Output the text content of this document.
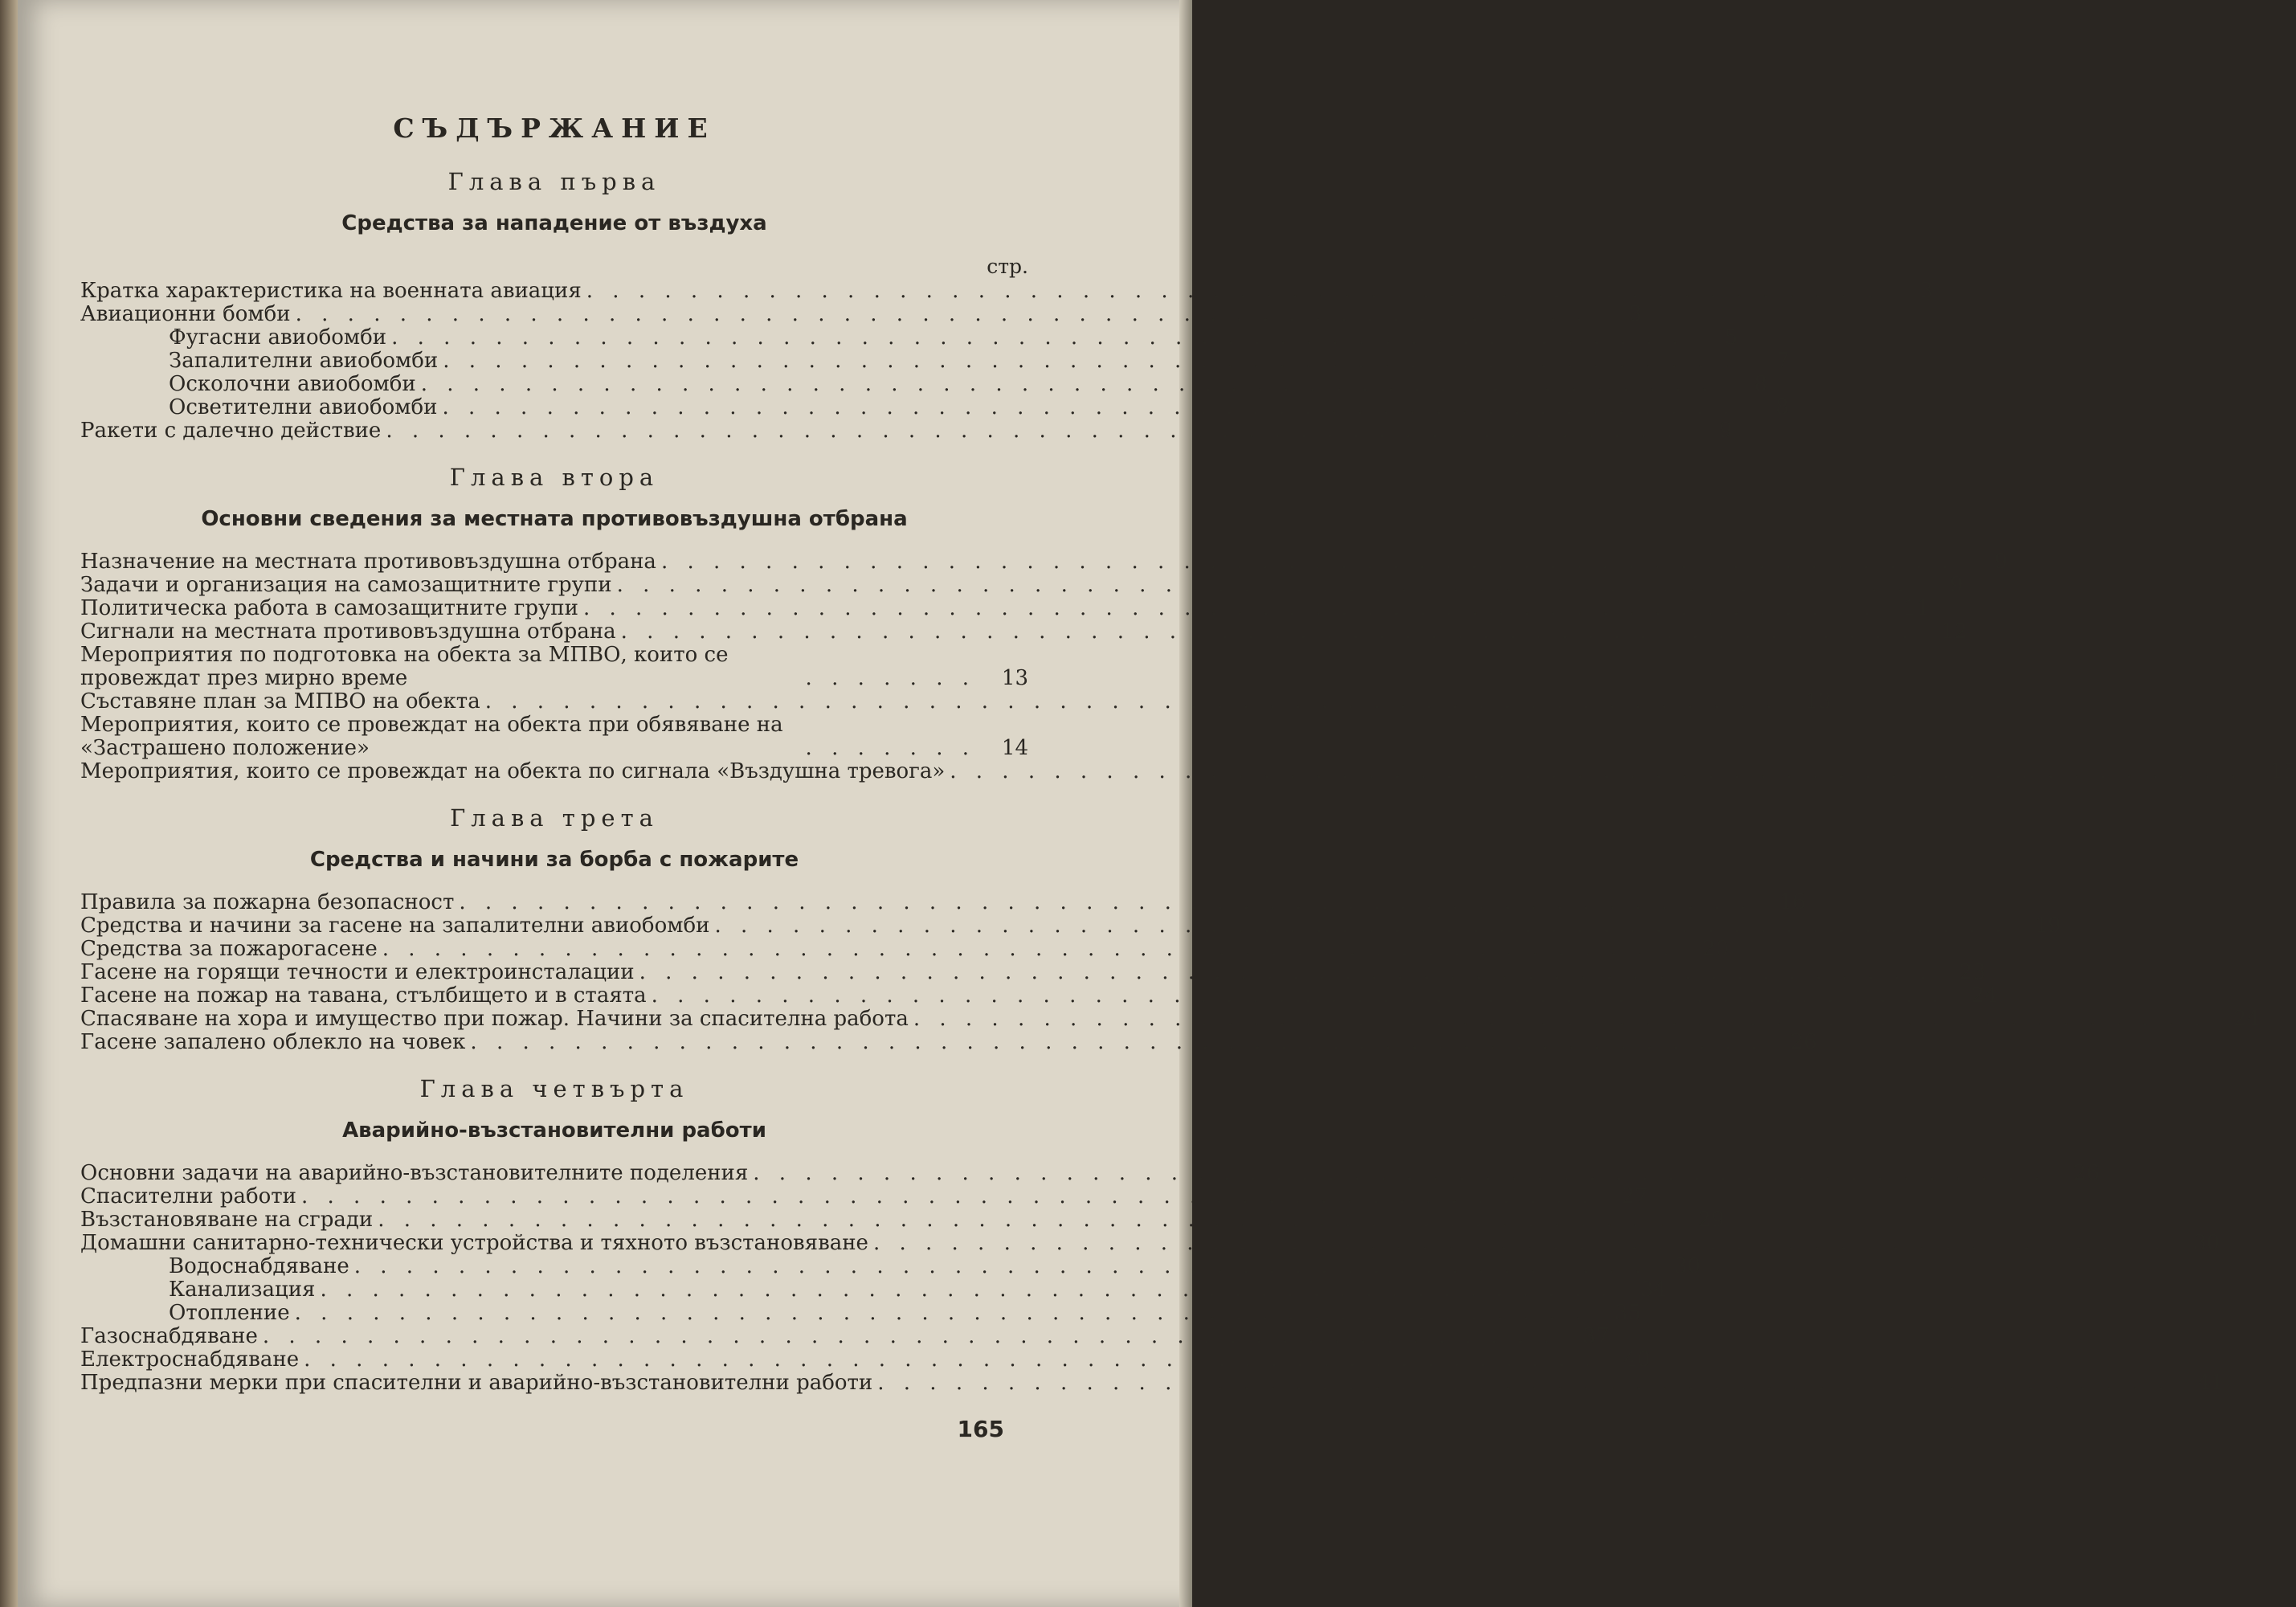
СЪДЪРЖАНИЕ
Глава първа
Средства за нападение от въздуха
стр.
Кратка характеристика на военната авиация . . . . . . . . . . . . . . . . . . . . . . . . . . . . . . . . . . . . . . . . . . . . . . . . . .	3
Авиационни бомби . . . . . . . . . . . . . . . . . . . . . . . . . . . . . . . . . . . . . . . . . . . . . . . . . .	3
Фугасни авиобомби . . . . . . . . . . . . . . . . . . . . . . . . . . . . . . . . . . . . . . . . . . . . . . . . . .	5
Запалителни авиобомби . . . . . . . . . . . . . . . . . . . . . . . . . . . . . . . . . . . . . . . . . . . . . . . . . .	7
Осколочни авиобомби . . . . . . . . . . . . . . . . . . . . . . . . . . . . . . . . . . . . . . . . . . . . . . . . . .	8
Осветителни авиобомби . . . . . . . . . . . . . . . . . . . . . . . . . . . . . . . . . . . . . . . . . . . . . . . . . .	8
Ракети с далечно действие . . . . . . . . . . . . . . . . . . . . . . . . . . . . . . . . . . . . . . . . . . . . . . . . . .	9
Глава втора
Основни сведения за местната противовъздушна отбрана
Назначение на местната противовъздушна отбрана . . . . . . . . . . . . . . . . . . . . . . . . . . . . . . . . . . . . . . . . . . . . . . . . . .	9
Задачи и организация на самозащитните групи . . . . . . . . . . . . . . . . . . . . . . . . . . . . . . . . . . . . . . . . . . . . . . . . . .	9
Политическа работа в самозащитните групи . . . . . . . . . . . . . . . . . . . . . . . . . . . . . . . . . . . . . . . . . . . . . . . . . .	11
Сигнали на местната противовъздушна отбрана . . . . . . . . . . . . . . . . . . . . . . . . . . . . . . . . . . . . . . . . . . . . . . . . . .	12
Мероприятия по подготовка на обекта за МПВО, които се провеждат през мирно време	. . . . . . .	13
Съставяне план за МПВО на обекта . . . . . . . . . . . . . . . . . . . . . . . . . . . . . . . . . . . . . . . . . . . . . . . . . .	13
Мероприятия, които се провеждат на обекта при обявяване на «Застрашено положение»	. . . . . . .	14
Мероприятия, които се провеждат на обекта по сигнала «Въздушна тревога» . . . . . . . . . . . . . . . . . . . . . . . . . . . . . . . . . . . . . . . . . . . . . . . . . .	15
Глава трета
Средства и начини за борба с пожарите
Правила за пожарна безопасност . . . . . . . . . . . . . . . . . . . . . . . . . . . . . . . . . . . . . . . . . . . . . . . . . .	16
Средства и начини за гасене на запалителни авиобомби . . . . . . . . . . . . . . . . . . . . . . . . . . . . . . . . . . . . . . . . . . . . . . . . . .	19
Средства за пожарогасене . . . . . . . . . . . . . . . . . . . . . . . . . . . . . . . . . . . . . . . . . . . . . . . . . .	20
Гасене на горящи течности и електроинсталации . . . . . . . . . . . . . . . . . . . . . . . . . . . . . . . . . . . . . . . . . . . . . . . . . .	23
Гасене на пожар на тавана, стълбището и в стаята . . . . . . . . . . . . . . . . . . . . . . . . . . . . . . . . . . . . . . . . . . . . . . . . . .	24
Спасяване на хора и имущество при пожар. Начини за спасителна работа . . . . . . . . . . . . . . . . . . . . . . . . . . . . . . . . . . . . . . . . . . . . . . . . . .	24
Гасене запалено облекло на човек . . . . . . . . . . . . . . . . . . . . . . . . . . . . . . . . . . . . . . . . . . . . . . . . . .	26
Глава четвърта
Аварийно-възстановителни работи
Основни задачи на аварийно-възстановителните поделения . . . . . . . . . . . . . . . . . . . . . . . . . . . . . . . . . . . . . . . . . . . . . . . . . .	26
Спасителни работи . . . . . . . . . . . . . . . . . . . . . . . . . . . . . . . . . . . . . . . . . . . . . . . . . .	27
Възстановяване на сгради . . . . . . . . . . . . . . . . . . . . . . . . . . . . . . . . . . . . . . . . . . . . . . . . . .	29
Домашни санитарно-технически устройства и тяхното възстановяване . . . . . . . . . . . . . . . . . . . . . . . . . . . . . . . . . . . . . . . . . . . . . . . . . .	30
Водоснабдяване . . . . . . . . . . . . . . . . . . . . . . . . . . . . . . . . . . . . . . . . . . . . . . . . . .	30
Канализация . . . . . . . . . . . . . . . . . . . . . . . . . . . . . . . . . . . . . . . . . . . . . . . . . .	34
Отопление . . . . . . . . . . . . . . . . . . . . . . . . . . . . . . . . . . . . . . . . . . . . . . . . . .	35
Газоснабдяване . . . . . . . . . . . . . . . . . . . . . . . . . . . . . . . . . . . . . . . . . . . . . . . . . .	37
Електроснабдяване . . . . . . . . . . . . . . . . . . . . . . . . . . . . . . . . . . . . . . . . . . . . . . . . . .	40
Предпазни мерки при спасителни и аварийно-възстановителни работи . . . . . . . . . . . . . . . . . . . . . . . . . . . . . . . . . . . . . . . . . . . . . . . . . .	41
165
